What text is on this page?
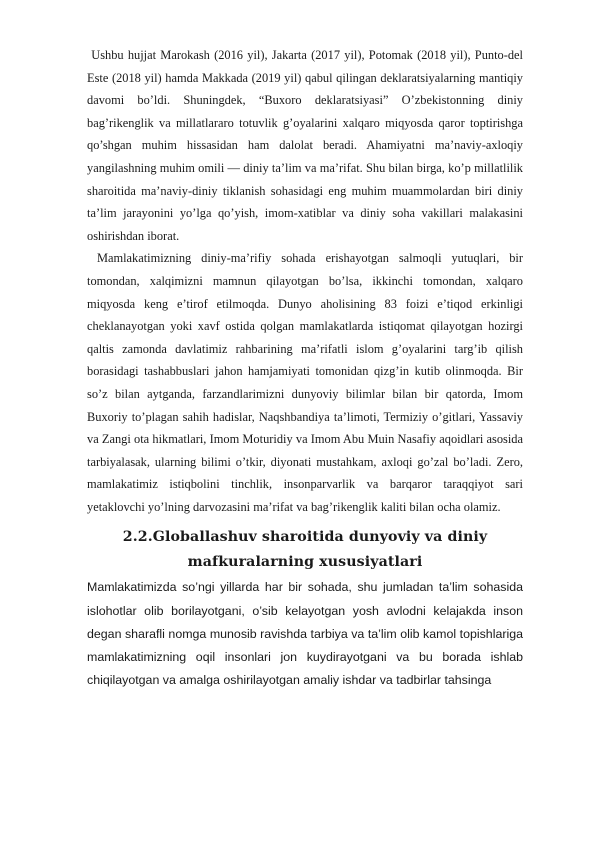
Ushbu hujjat Marokash (2016 yil), Jakarta (2017 yil), Potomak (2018 yil), Punto-del Este (2018 yil) hamda Makkada (2019 yil) qabul qilingan deklaratsiyalarning mantiqiy davomi bo’ldi. Shuningdek, “Buxoro deklaratsiyasi” O’zbekistonning diniy bag’rikenglik va millatlararo totuvlik g’oyalarini xalqaro miqyosda qaror toptirishga qo’shgan muhim hissasidan ham dalolat beradi. Ahamiyatni ma’naviy-axloqiy yangilashning muhim omili — diniy ta’lim va ma’rifat. Shu bilan birga, ko’p millatlilik sharoitida ma’naviy-diniy tiklanish sohasidagi eng muhim muammolardan biri diniy ta’lim jarayonini yo’lga qo’yish, imom-xatiblar va diniy soha vakillari malakasini oshirishdan iborat.

Mamlakatimizning diniy-ma’rifiy sohada erishayotgan salmoqli yutuqlari, bir tomondan, xalqimizni mamnun qilayotgan bo’lsa, ikkinchi tomondan, xalqaro miqyosda keng e’tirof etilmoqda. Dunyo aholisining 83 foizi e’tiqod erkinligi cheklanayotgan yoki xavf ostida qolgan mamlakatlarda istiqomat qilayotgan hozirgi qaltis zamonda davlatimiz rahbarining ma’rifatli islom g’oyalarini targ’ib qilish borasidagi tashabbuslari jahon hamjamiyati tomonidan qizg’in kutib olinmoqda. Bir so’z bilan aytganda, farzandlarimizni dunyoviy bilimlar bilan bir qatorda, Imom Buxoriy to’plagan sahih hadislar, Naqshbandiya ta’limoti, Termiziy o’gitlari, Yassaviy va Zangi ota hikmatlari, Imom Moturidiy va Imom Abu Muin Nasafiy aqoidlari asosida tarbiyalasak, ularning bilimi o’tkir, diyonati mustahkam, axloqi go’zal bo’ladi. Zero, mamlakatimiz istiqbolini tinchlik, insonparvarlik va barqaror taraqqiyot sari yetaklovchi yo’lning darvozasini ma’rifat va bag’rikenglik kaliti bilan ocha olamiz.

2.2.Globallashuv sharoitida dunyoviy va diniy mafkuralarning xususiyatlari

Mamlakatimizda so’ngi yillarda har bir sohada, shu jumladan ta’lim sohasida islohotlar olib borilayotgani, o’sib kelayotgan yosh avlodni kelajakda inson degan sharafli nomga munosib ravishda tarbiya va ta’lim olib kamol topishlariga mamlakatimizning oqil insonlari jon kuydirayotgani va bu borada ishlab chiqilayotgan va amalga oshirilayotgan amaliy ishdar va tadbirlar tahsinga
